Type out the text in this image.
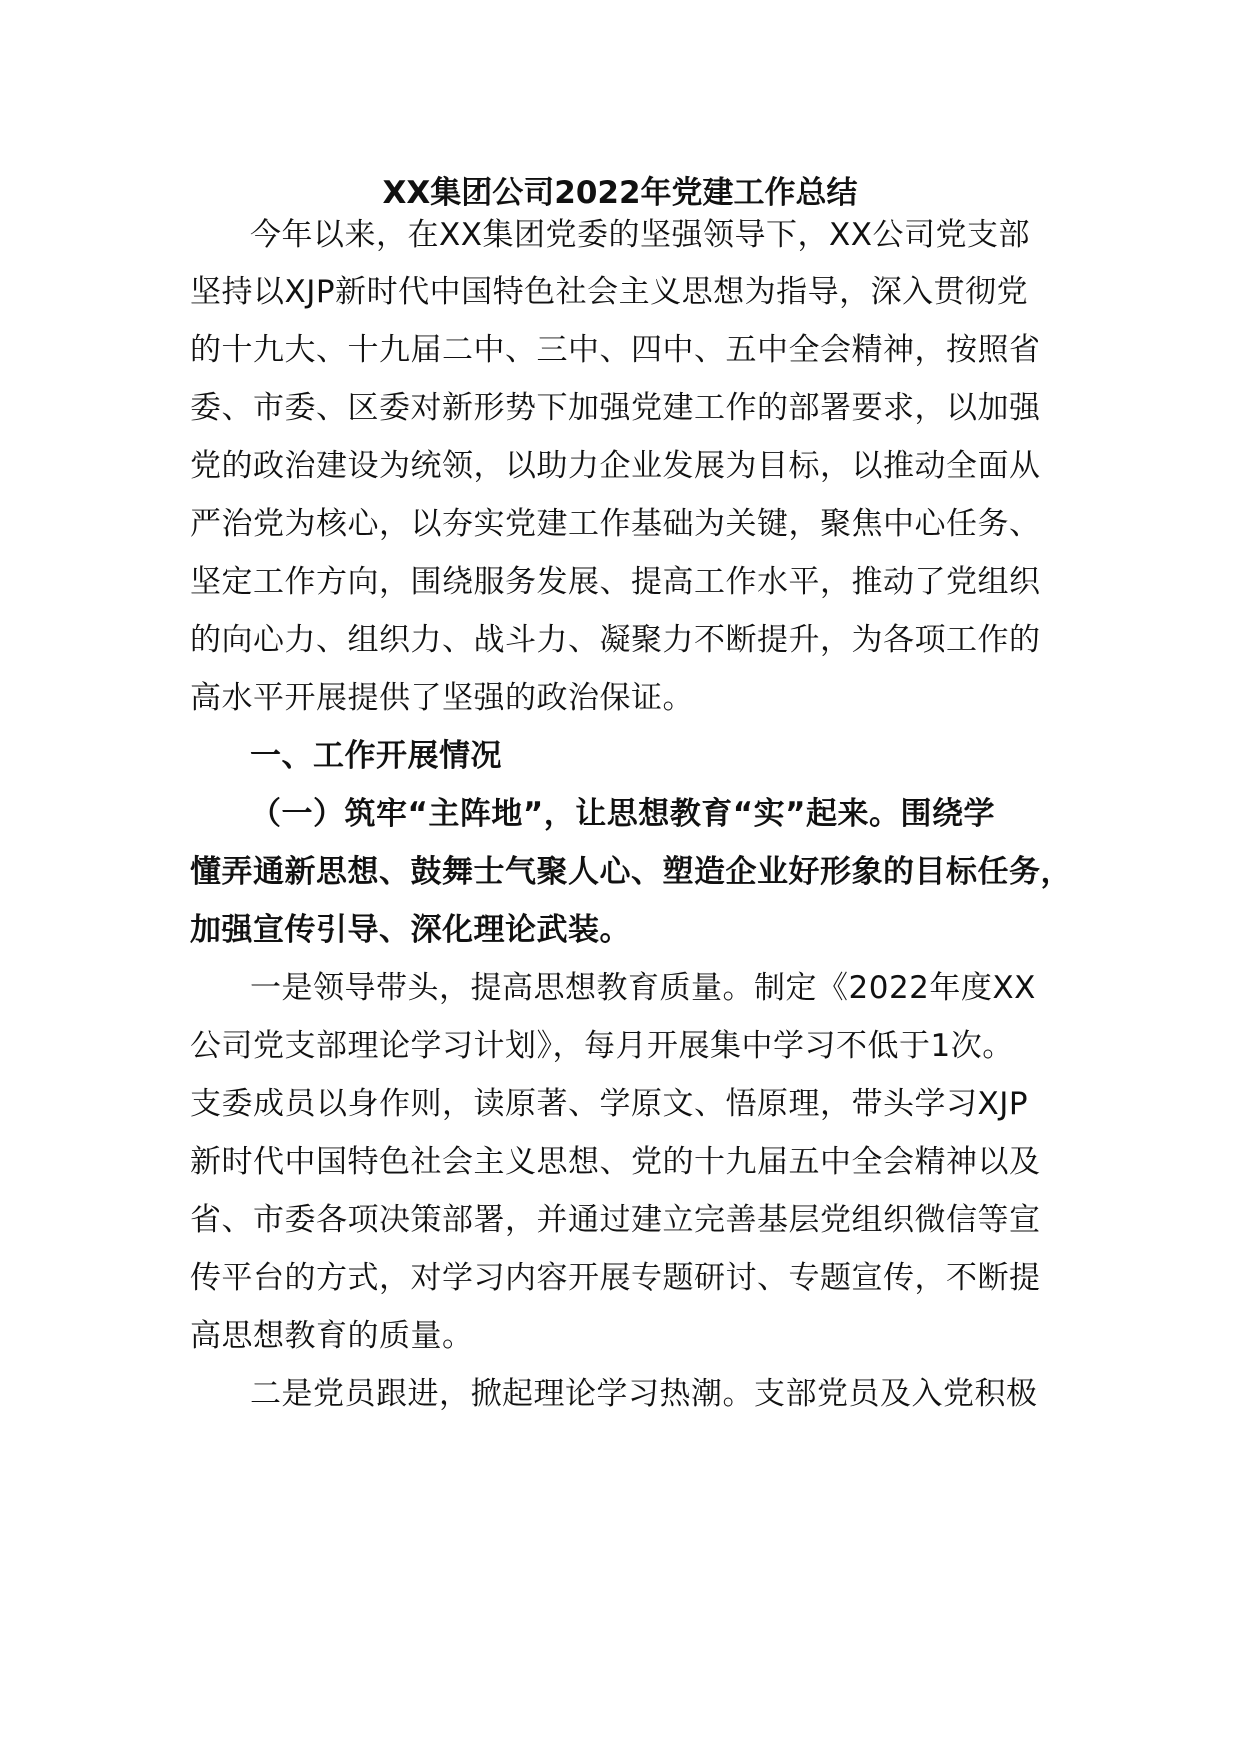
XX集团公司2022年党建工作总结
今年以来，在XX集团党委的坚强领导下，XX公司党支部
坚持以XJP新时代中国特色社会主义思想为指导，深入贯彻党
的十九大、十九届二中、三中、四中、五中全会精神，按照省
委、市委、区委对新形势下加强党建工作的部署要求，以加强
党的政治建设为统领，以助力企业发展为目标，以推动全面从
严治党为核心，以夯实党建工作基础为关键，聚焦中心任务、
坚定工作方向，围绕服务发展、提高工作水平，推动了党组织
的向心力、组织力、战斗力、凝聚力不断提升，为各项工作的
高水平开展提供了坚强的政治保证。
一、工作开展情况
（一）筑牢“主阵地”，让思想教育“实”起来。围绕学
懂弄通新思想、鼓舞士气聚人心、塑造企业好形象的目标任务，
加强宣传引导、深化理论武装。
一是领导带头，提高思想教育质量。制定《2022年度XX
公司党支部理论学习计划》，每月开展集中学习不低于1次。
支委成员以身作则，读原著、学原文、悟原理，带头学习XJP
新时代中国特色社会主义思想、党的十九届五中全会精神以及
省、市委各项决策部署，并通过建立完善基层党组织微信等宣
传平台的方式，对学习内容开展专题研讨、专题宣传，不断提
高思想教育的质量。
二是党员跟进，掀起理论学习热潮。支部党员及入党积极
